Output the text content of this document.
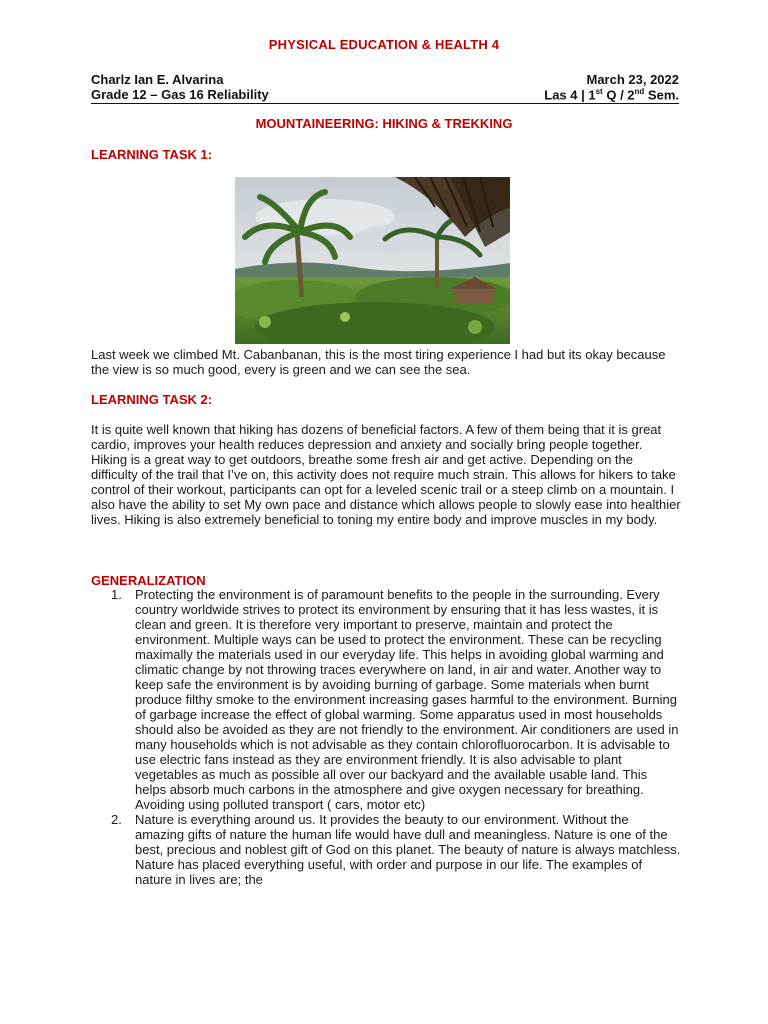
PHYSICAL EDUCATION & HEALTH 4
Charlz Ian E. Alvarina	March 23, 2022
Grade 12 – Gas 16 Reliability	Las 4 | 1st Q / 2nd Sem.
MOUNTAINEERING: HIKING & TREKKING
LEARNING TASK 1:
Last week we climbed Mt. Cabanbanan, this is the most tiring experience I had but its okay because the view is so much good, every is green and we can see the sea.
LEARNING TASK 2:
It is quite well known that hiking has dozens of beneficial factors. A few of them being that it is great cardio, improves your health reduces depression and anxiety and socially bring people together. Hiking is a great way to get outdoors, breathe some fresh air and get active. Depending on the difficulty of the trail that I’ve on, this activity does not require much strain. This allows for hikers to take control of their workout, participants can opt for a leveled scenic trail or a steep climb on a mountain. I also have the ability to set My own pace and distance which allows people to slowly ease into healthier lives. Hiking is also extremely beneficial to toning my entire body and improve muscles in my body.
GENERALIZATION
1. Protecting the environment is of paramount benefits to the people in the surrounding. Every country worldwide strives to protect its environment by ensuring that it has less wastes, it is clean and green. It is therefore very important to preserve, maintain and protect the environment. Multiple ways can be used to protect the environment. These can be recycling maximally the materials used in our everyday life. This helps in avoiding global warming and climatic change by not throwing traces everywhere on land, in air and water. Another way to keep safe the environment is by avoiding burning of garbage. Some materials when burnt produce filthy smoke to the environment increasing gases harmful to the environment. Burning of garbage increase the effect of global warming. Some apparatus used in most households should also be avoided as they are not friendly to the environment. Air conditioners are used in many households which is not advisable as they contain chlorofluorocarbon. It is advisable to use electric fans instead as they are environment friendly. It is also advisable to plant vegetables as much as possible all over our backyard and the available usable land. This helps absorb much carbons in the atmosphere and give oxygen necessary for breathing. Avoiding using polluted transport ( cars, motor etc)
2. Nature is everything around us. It provides the beauty to our environment. Without the amazing gifts of nature the human life would have dull and meaningless. Nature is one of the best, precious and noblest gift of God on this planet. The beauty of nature is always matchless. Nature has placed everything useful, with order and purpose in our life. The examples of nature in lives are; the
